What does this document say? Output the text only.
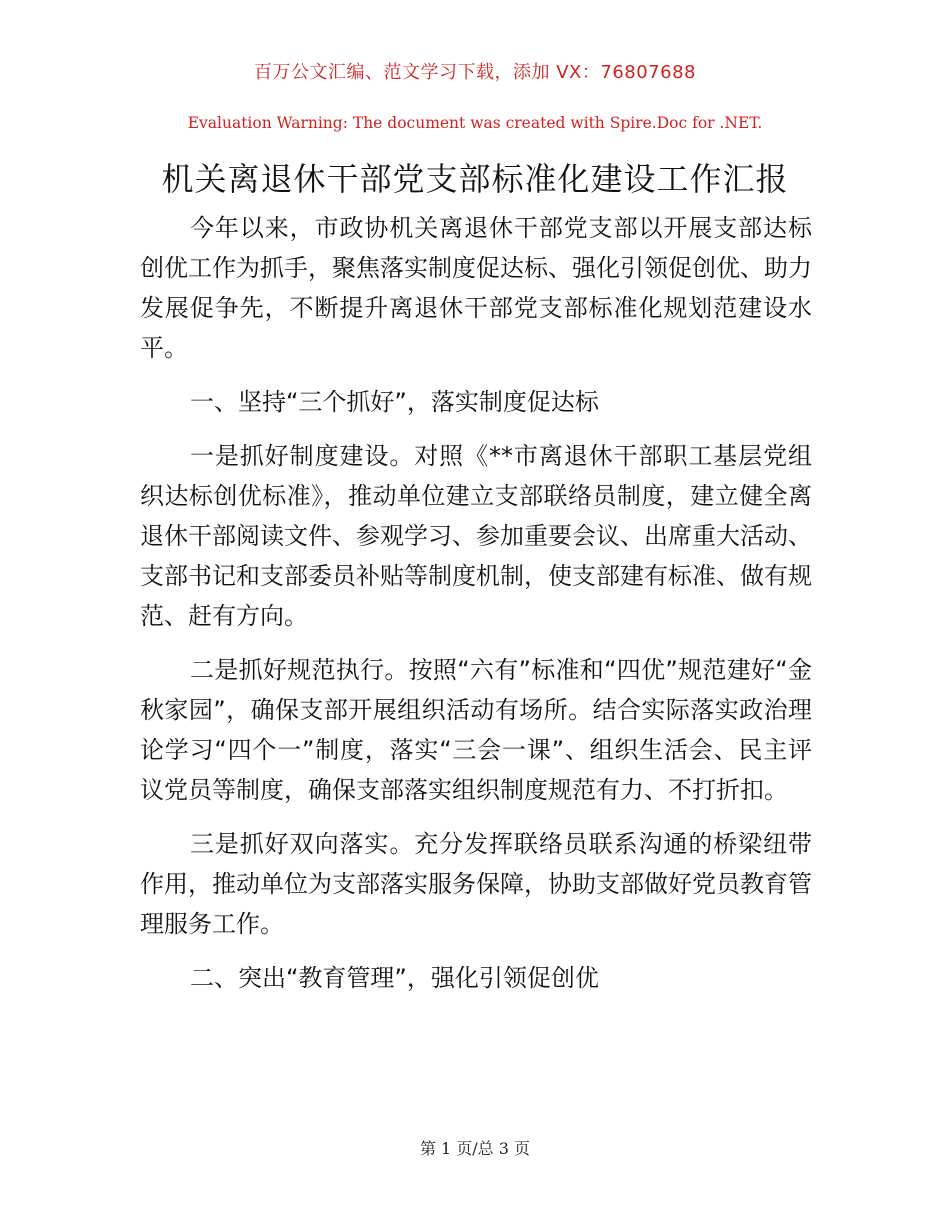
百万公文汇编、范文学习下载，添加 VX：76807688
Evaluation Warning: The document was created with Spire.Doc for .NET.
机关离退休干部党支部标准化建设工作汇报

今年以来，市政协机关离退休干部党支部以开展支部达标创优工作为抓手，聚焦落实制度促达标、强化引领促创优、助力发展促争先，不断提升离退休干部党支部标准化规划范建设水平。

一、坚持“三个抓好”，落实制度促达标

一是抓好制度建设。对照《**市离退休干部职工基层党组织达标创优标准》，推动单位建立支部联络员制度，建立健全离退休干部阅读文件、参观学习、参加重要会议、出席重大活动、支部书记和支部委员补贴等制度机制，使支部建有标准、做有规范、赶有方向。

二是抓好规范执行。按照“六有”标准和“四优”规范建好“金秋家园”，确保支部开展组织活动有场所。结合实际落实政治理论学习“四个一”制度，落实“三会一课”、组织生活会、民主评议党员等制度，确保支部落实组织制度规范有力、不打折扣。

三是抓好双向落实。充分发挥联络员联系沟通的桥梁纽带作用，推动单位为支部落实服务保障，协助支部做好党员教育管理服务工作。

二、突出“教育管理”，强化引领促创优

第 1 页/总 3 页
